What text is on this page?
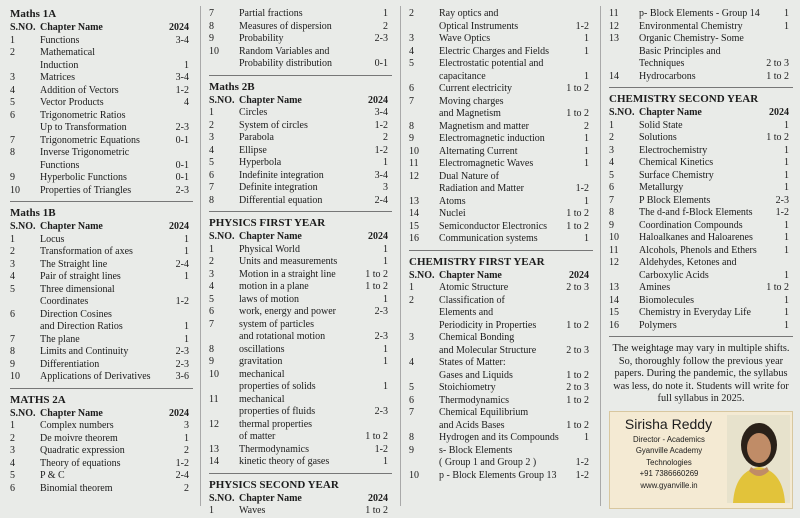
Maths 1A
S.NO. Chapter Name	2024
1	Functions	3-4
2	Mathematical
Induction	1
3	Matrices	3-4
4	Addition of Vectors	1-2
5	Vector Products	4
6	Trigonometric Ratios
Up to Transformation	2-3
7	Trigonometric Equations	0-1
8	Inverse Trigonometric
Functions	0-1
9	Hyperbolic Functions	0-1
10	Properties of Triangles	2-3
Maths 1B
S.NO. Chapter Name	2024
1	Locus	1
2	Transformation of axes	1
3	The Straight line	2-4
4	Pair of straight lines	1
5	Three dimensional
Coordinates	1-2
6	Direction Cosines
and Direction Ratios	1
7	The plane	1
8	Limits and Continuity	2-3
9	Differentiation	2-3
10	Applications of Derivatives	3-6
MATHS 2A
S.NO. Chapter Name	2024
1	Complex numbers	3
2	De moivre theorem	1
3	Quadratic expression	2
4	Theory of equations	1-2
5	P & C	2-4
6	Binomial theorem	2
7	Partial fractions	1
8	Measures of dispersion	2
9	Probability	2-3
10	Random Variables and
Probability distribution	0-1
Maths 2B
S.NO. Chapter Name	2024
1	Circles	3-4
2	System of circles	1-2
3	Parabola	2
4	Ellipse	1-2
5	Hyperbola	1
6	Indefinite integration	3-4
7	Definite integration	3
8	Differential equation	2-4
PHYSICS FIRST YEAR
S.NO. Chapter Name	2024
1	Physical World	1
2	Units and measurements	1
3	Motion in a straight line	1 to 2
4	motion in a plane	1 to 2
5	laws of motion	1
6	work, energy and power	2-3
7	system of particles
and rotational motion	2-3
8	oscillations	1
9	gravitation	1
10	mechanical
properties of solids	1
11	mechanical
properties of fluids	2-3
12	thermal properties
of matter	1 to 2
13	Thermodynamics	1-2
14	kinetic theory of gases	1
PHYSICS SECOND YEAR
S.NO. Chapter Name	2024
1	Waves	1 to 2
2	Ray optics and
Optical Instruments	1-2
3	Wave Optics	1
4	Electric Charges and Fields	1
5	Electrostatic potential and
capacitance	1
6	Current electricity	1 to 2
7	Moving charges
and Magnetism	1 to 2
8	Magnetism and matter	2
9	Electromagnetic induction	1
10	Alternating Current	1
11	Electromagnetic Waves	1
12	Dual Nature of
Radiation and Matter	1-2
13	Atoms	1
14	Nuclei	1 to 2
15	Semiconductor Electronics	1 to 2
16	Communication systems	1
CHEMISTRY FIRST YEAR
S.NO. Chapter Name	2024
1	Atomic Structure	2 to 3
2	Classification of
Elements and
Periodicity in Properties	1 to 2
3	Chemical Bonding
and Molecular Structure	2 to 3
4	States of Matter:
Gases and Liquids	1 to 2
5	Stoichiometry	2 to 3
6	Thermodynamics	1 to 2
7	Chemical Equilibrium
and Acids Bases	1 to 2
8	Hydrogen and its Compounds	1
9	s- Block Elements
( Group 1 and Group 2 )	1-2
10	p - Block Elements Group 13	1-2
11	p- Block Elements - Group 14	1
12	Environmental Chemistry	1
13	Organic Chemistry- Some
Basic Principles and
Techniques	2 to 3
14	Hydrocarbons	1 to 2
CHEMISTRY SECOND YEAR
S.NO. Chapter Name	2024
1	Solid State	1
2	Solutions	1 to 2
3	Electrochemistry	1
4	Chemical Kinetics	1
5	Surface Chemistry	1
6	Metallurgy	1
7	P Block Elements	2-3
8	The d-and f-Block Elements	1-2
9	Coordination Compounds	1
10	Haloalkanes and Haloarenes	1
11	Alcohols, Phenols and Ethers	1
12	Aldehydes, Ketones and
Carboxylic Acids	1
13	Amines	1 to 2
14	Biomolecules	1
15	Chemistry in Everyday Life	1
16	Polymers	1
The weightage may vary in multiple shifts. So, thoroughly follow the previous year papers. During the pandemic, the syllabus was less, do note it. Students will write for full syllabus in 2025.
Sirisha Reddy
Director - Academics
Gyanville Academy
Technologies
+91 7386660269
www.gyanville.in
